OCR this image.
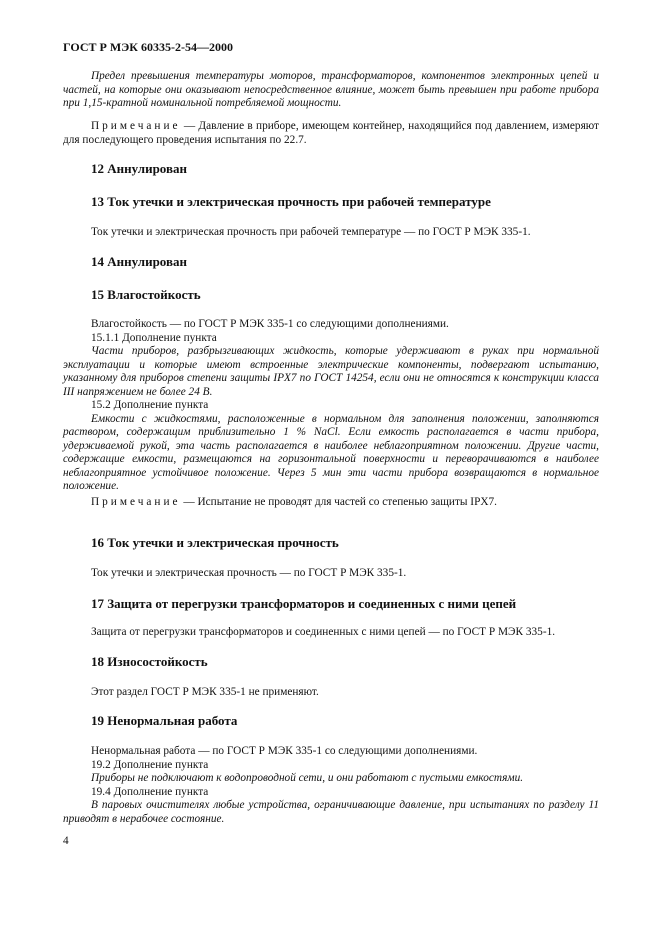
ГОСТ Р МЭК 60335-2-54—2000

Предел превышения температуры моторов, трансформаторов, компонентов электронных цепей и частей, на которые они оказывают непосредственное влияние, может быть превышен при работе прибора при 1,15-кратной номинальной потребляемой мощности.

Примечание — Давление в приборе, имеющем контейнер, находящийся под давлением, измеряют для последующего проведения испытания по 22.7.

12 Аннулирован
13 Ток утечки и электрическая прочность при рабочей температуре

Ток утечки и электрическая прочность при рабочей температуре — по ГОСТ Р МЭК 335-1.

14 Аннулирован
15 Влагостойкость

Влагостойкость — по ГОСТ Р МЭК 335-1 со следующими дополнениями.

15.1.1 Дополнение пункта

Части приборов, разбрызгивающих жидкость, которые удерживают в руках при нормальной эксплуатации и которые имеют встроенные электрические компоненты, подвергают испытанию, указанному для приборов степени защиты IPX7 по ГОСТ 14254, если они не относятся к конструкции класса III напряжением не более 24 В.

15.2 Дополнение пункта

Емкости с жидкостями, расположенные в нормальном для заполнения положении, заполняются раствором, содержащим приблизительно 1 % NaCl. Если емкость располагается в части прибора, удерживаемой рукой, эта часть располагается в наиболее неблагоприятном положении. Другие части, содержащие емкости, размещаются на горизонтальной поверхности и переворачиваются в наиболее неблагоприятное устойчивое положение. Через 5 мин эти части прибора возвращаются в нормальное положение.

Примечание — Испытание не проводят для частей со степенью защиты IPX7.

16 Ток утечки и электрическая прочность

Ток утечки и электрическая прочность — по ГОСТ Р МЭК 335-1.

17 Защита от перегрузки трансформаторов и соединенных с ними цепей

Защита от перегрузки трансформаторов и соединенных с ними цепей — по ГОСТ Р МЭК 335-1.

18 Износостойкость

Этот раздел ГОСТ Р МЭК 335-1 не применяют.

19 Ненормальная работа

Ненормальная работа — по ГОСТ Р МЭК 335-1 со следующими дополнениями.

19.2 Дополнение пункта

Приборы не подключают к водопроводной сети, и они работают с пустыми емкостями.

19.4 Дополнение пункта

В паровых очистителях любые устройства, ограничивающие давление, при испытаниях по разделу 11 приводят в нерабочее состояние.

4
